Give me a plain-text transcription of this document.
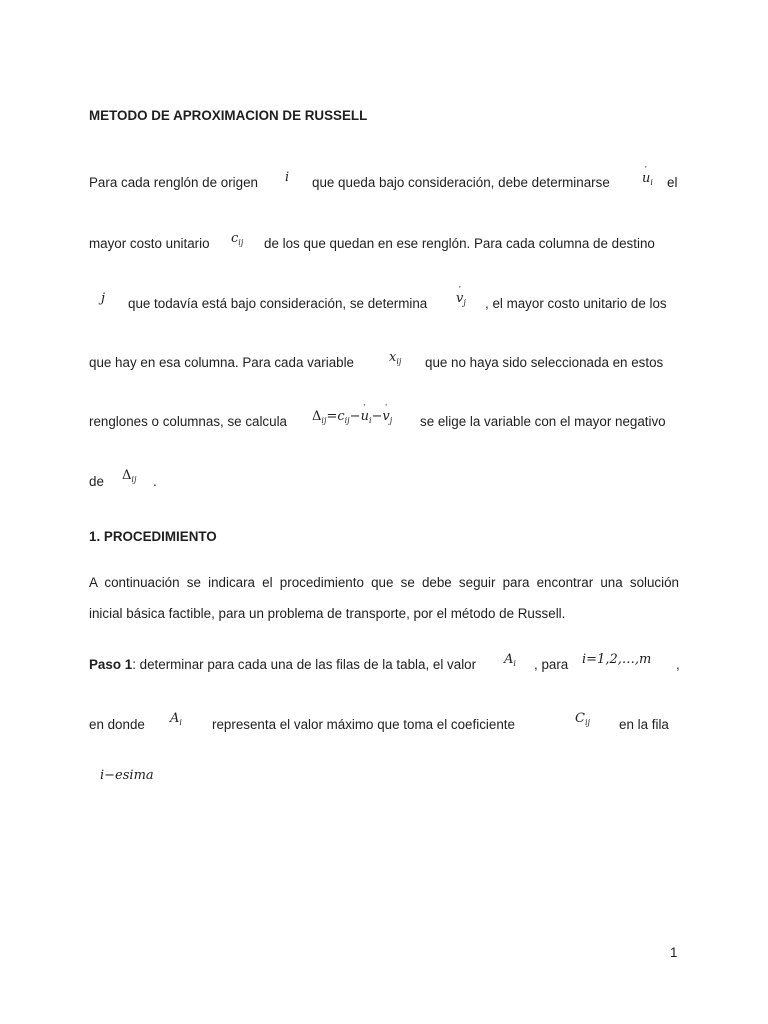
METODO DE APROXIMACION DE RUSSELL
Para cada renglón de origen i que queda bajo consideración, debe determinarse ˙ $u_i$ el
mayor costo unitario $c_{ij}$ de los que quedan en ese renglón. Para cada columna de destino
j que todavía está bajo consideración, se determina ˙ $v_j$ , el mayor costo unitario de los
que hay en esa columna. Para cada variable	$x_{ij}$ que no haya sido seleccionada en estos
renglones o columnas, se calcula $\Delta_{ij}=c_{ij}-˙$ $u_i-˙$ $v_j$ se elige la variable con el mayor negativo
de $\Delta_{ij}$ .
1. PROCEDIMIENTO
A continuación se indicara el procedimiento que se debe seguir para encontrar una solución
inicial básica factible, para un problema de transporte, por el método de Russell.
Paso 1: determinar para cada una de las filas de la tabla, el valor $A_i$ , para i=1,2,…,m ,
en donde $A_i$ representa el valor máximo que toma el coeficiente	$C_{ij}$ en la fila
i−esima
1
